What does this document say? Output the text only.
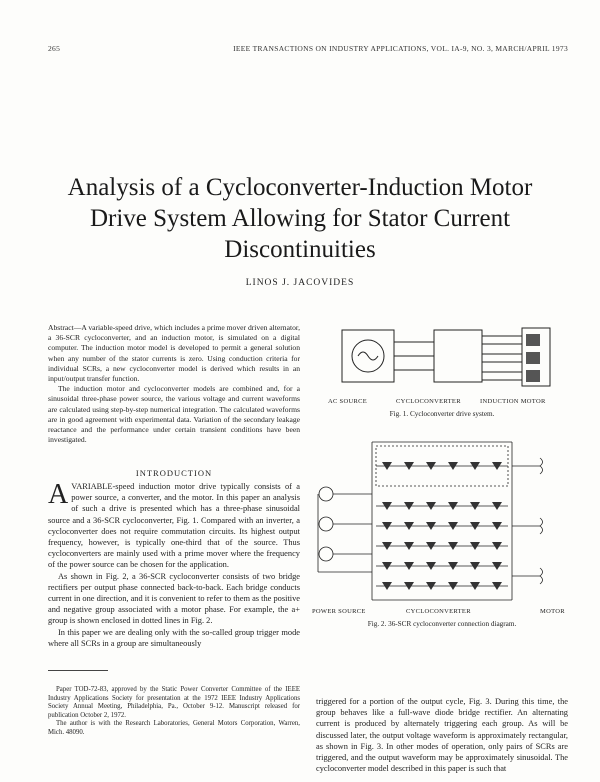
265	IEEE TRANSACTIONS ON INDUSTRY APPLICATIONS, VOL. IA-9, NO. 3, MARCH/APRIL 1973
Analysis of a Cycloconverter-Induction Motor Drive System Allowing for Stator Current Discontinuities
LINOS J. JACOVIDES

Abstract—A variable-speed drive, which includes a prime mover driven alternator, a 36-SCR cycloconverter, and an induction motor, is simulated on a digital computer. The induction motor model is developed to permit a general solution when any number of the stator currents is zero. Using conduction criteria for individual SCRs, a new cycloconverter model is derived which results in an input/output transfer function.

The induction motor and cycloconverter models are combined and, for a sinusoidal three-phase power source, the various voltage and current waveforms are calculated using step-by-step numerical integration. The calculated waveforms are in good agreement with experimental data. Variation of the secondary leakage reactance and the performance under certain transient conditions have been investigated.

INTRODUCTION

AVARIABLE-speed induction motor drive typically consists of a power source, a converter, and the motor. In this paper an analysis of such a drive is presented which has a three-phase sinusoidal source and a 36-SCR cycloconverter, Fig. 1. Compared with an inverter, a cycloconverter does not require commutation circuits. Its highest output frequency, however, is typically one-third that of the source. Thus cycloconverters are mainly used with a prime mover where the frequency of the power source can be chosen for the application.

As shown in Fig. 2, a 36-SCR cycloconverter consists of two bridge rectifiers per output phase connected back-to-back. Each bridge conducts current in one direction, and it is convenient to refer to them as the positive and negative group associated with a motor phase. For example, the a+ group is shown enclosed in dotted lines in Fig. 2.

In this paper we are dealing only with the so-called group trigger mode where all SCRs in a group are simultaneously

Paper TOD-72-83, approved by the Static Power Converter Committee of the IEEE Industry Applications Society for presentation at the 1972 IEEE Industry Applications Society Annual Meeting, Philadelphia, Pa., October 9-12. Manuscript released for publication October 2, 1972.

The author is with the Research Laboratories, General Motors Corporation, Warren, Mich. 48090.

triggered for a portion of the output cycle, Fig. 3. During this time, the group behaves like a full-wave diode bridge rectifier. An alternating current is produced by alternately triggering each group. As will be discussed later, the output voltage waveform is approximately rectangular, as shown in Fig. 3. In other modes of operation, only pairs of SCRs are triggered, and the output waveform may be approximately sinusoidal. The cycloconverter model described in this paper is such that

AC SOURCE	CYCLOCONVERTER	INDUCTION MOTOR
Fig. 1. Cycloconverter drive system.
POWER SOURCE	CYCLOCONVERTER	MOTOR
Fig. 2. 36-SCR cycloconverter connection diagram.
